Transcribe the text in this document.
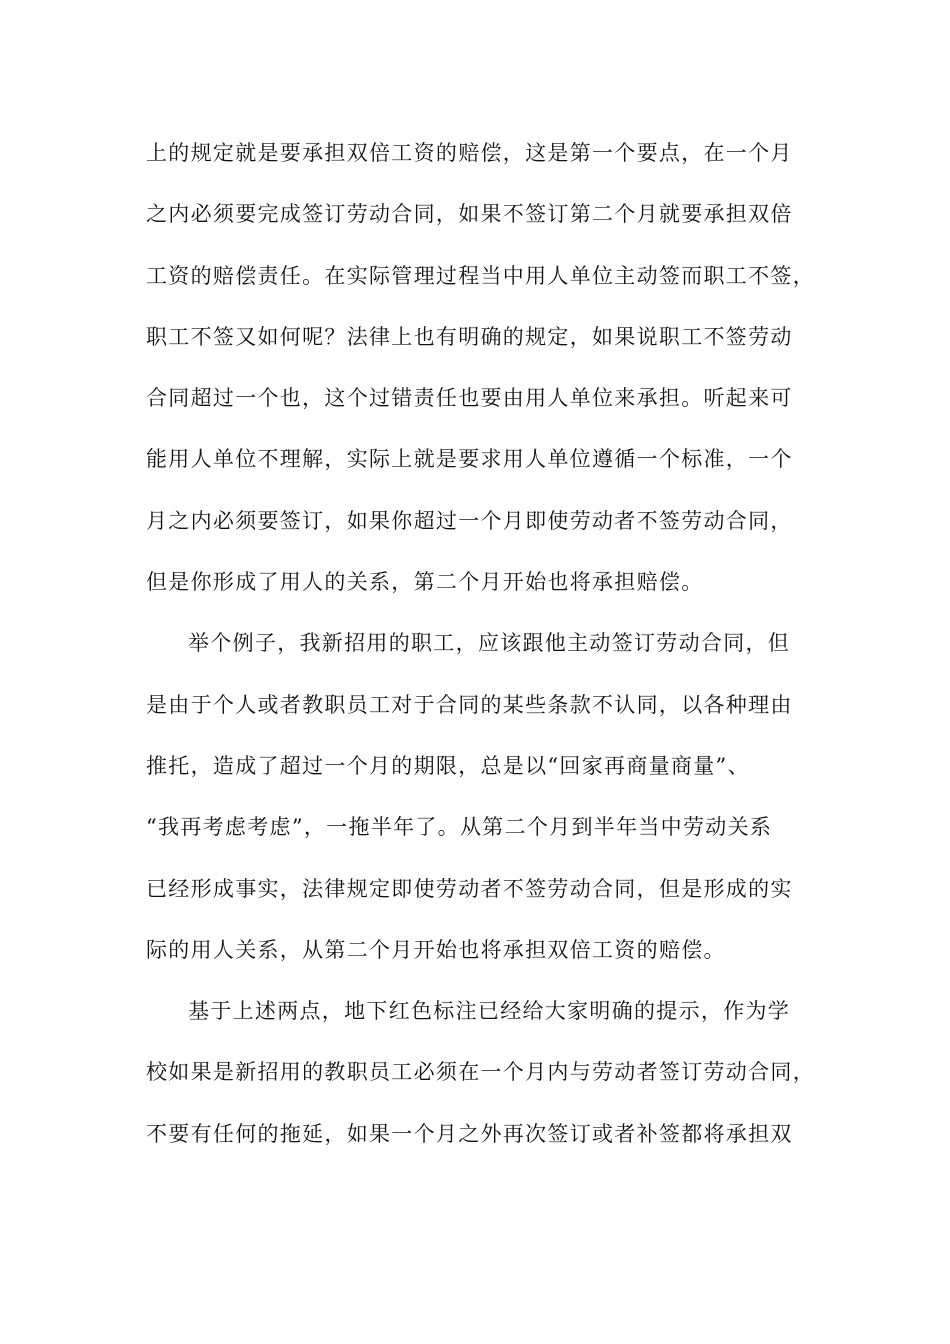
上的规定就是要承担双倍工资的赔偿，这是第一个要点，在一个月
之内必须要完成签订劳动合同，如果不签订第二个月就要承担双倍
工资的赔偿责任。在实际管理过程当中用人单位主动签而职工不签，
职工不签又如何呢？法律上也有明确的规定，如果说职工不签劳动
合同超过一个也，这个过错责任也要由用人单位来承担。听起来可
能用人单位不理解，实际上就是要求用人单位遵循一个标准，一个
月之内必须要签订，如果你超过一个月即使劳动者不签劳动合同，
但是你形成了用人的关系，第二个月开始也将承担赔偿。
举个例子，我新招用的职工，应该跟他主动签订劳动合同，但
是由于个人或者教职员工对于合同的某些条款不认同，以各种理由
推托，造成了超过一个月的期限，总是以“回家再商量商量”、
“我再考虑考虑”，一拖半年了。从第二个月到半年当中劳动关系
已经形成事实，法律规定即使劳动者不签劳动合同，但是形成的实
际的用人关系，从第二个月开始也将承担双倍工资的赔偿。
基于上述两点，地下红色标注已经给大家明确的提示，作为学
校如果是新招用的教职员工必须在一个月内与劳动者签订劳动合同，
不要有任何的拖延，如果一个月之外再次签订或者补签都将承担双
